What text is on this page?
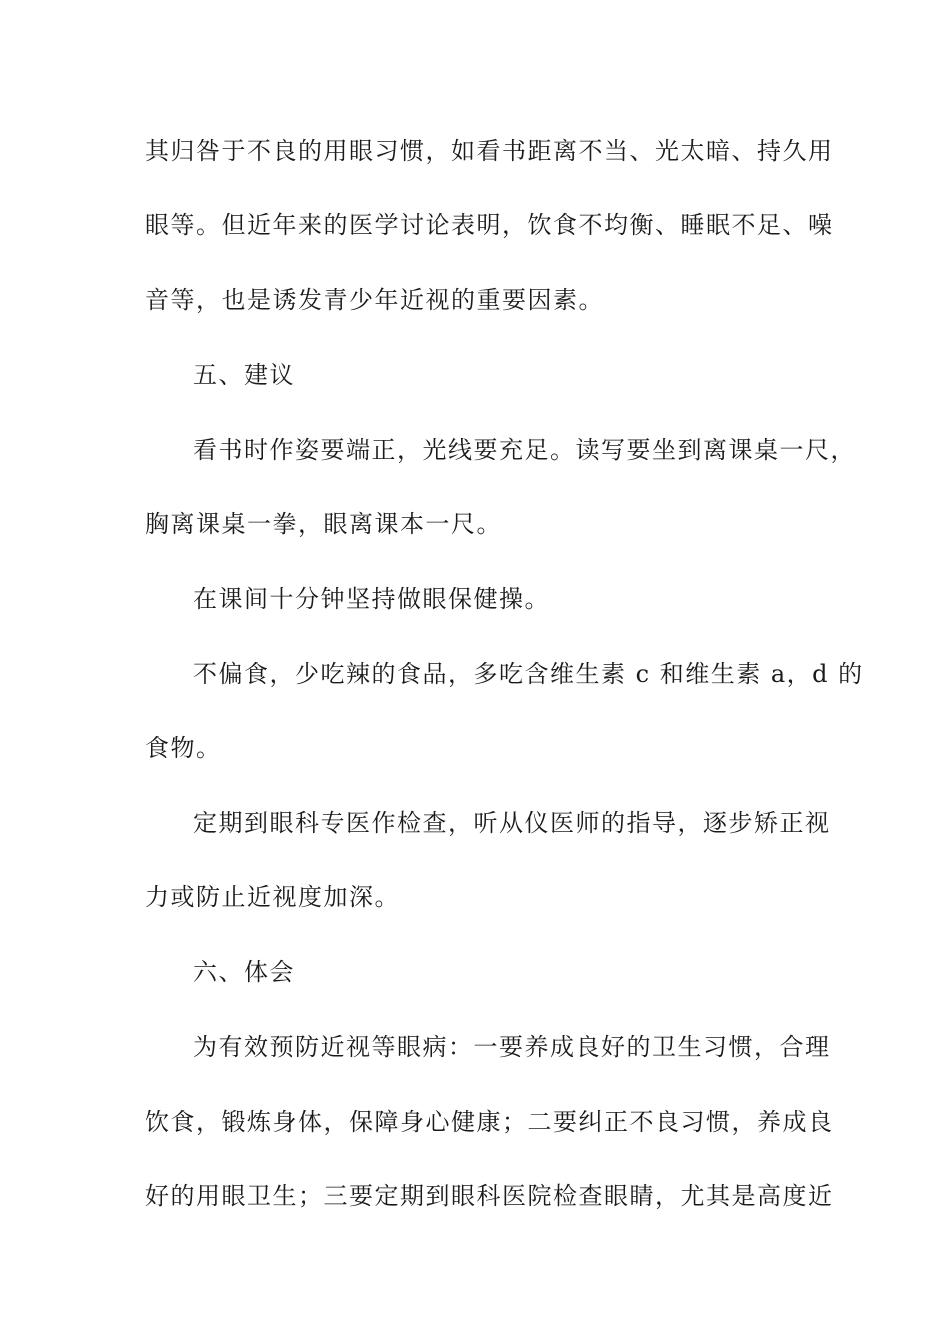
其归咎于不良的用眼习惯，如看书距离不当、光太暗、持久用
眼等。但近年来的医学讨论表明，饮食不均衡、睡眠不足、噪
音等，也是诱发青少年近视的重要因素。
五、建议
看书时作姿要端正，光线要充足。读写要坐到离课桌一尺，
胸离课桌一拳，眼离课本一尺。
在课间十分钟坚持做眼保健操。
不偏食，少吃辣的食品，多吃含维生素 c 和维生素 a，d 的
食物。
定期到眼科专医作检查，听从仪医师的指导，逐步矫正视
力或防止近视度加深。
六、体会
为有效预防近视等眼病：一要养成良好的卫生习惯，合理
饮食，锻炼身体，保障身心健康；二要纠正不良习惯，养成良
好的用眼卫生；三要定期到眼科医院检查眼睛，尤其是高度近
